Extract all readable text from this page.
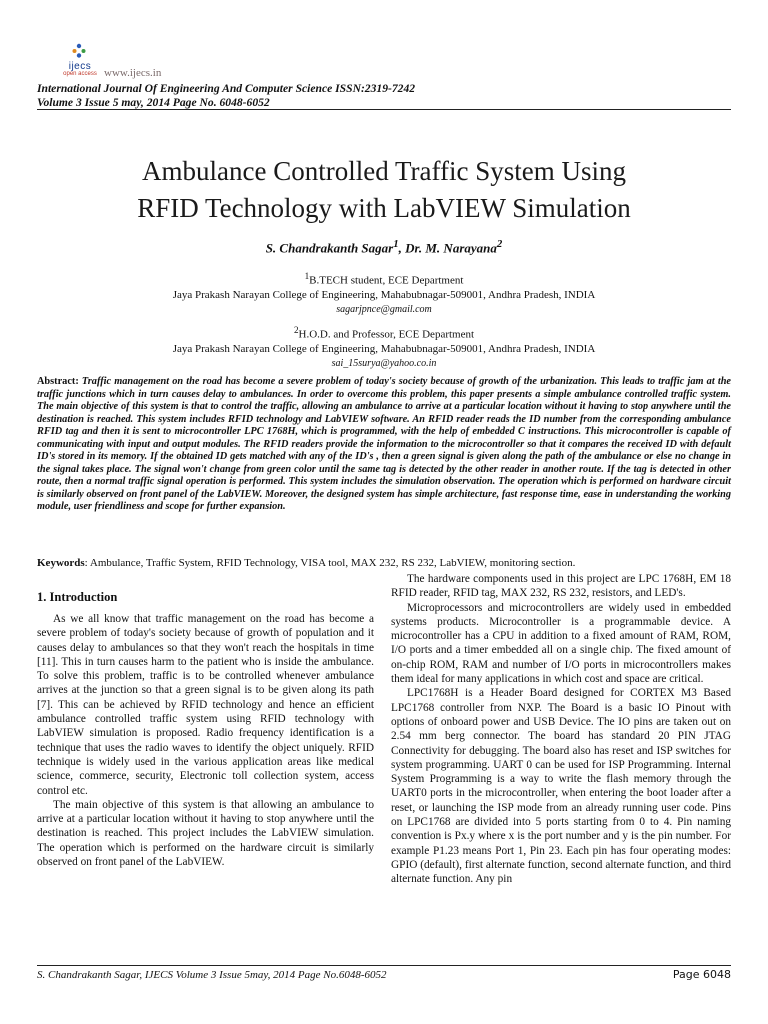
ijecs
open access www.ijecs.in
International Journal Of Engineering And Computer Science ISSN:2319-7242
Volume 3 Issue 5 may, 2014 Page No. 6048-6052
Ambulance Controlled Traffic System Using
RFID Technology with LabVIEW Simulation
S. Chandrakanth Sagar$^1$, Dr. M. Narayana$^2$
$^1$B.TECH student, ECE Department
Jaya Prakash Narayan College of Engineering, Mahabubnagar-509001, Andhra Pradesh, INDIA
sagarjpnce@gmail.com
$^2$H.O.D. and Professor, ECE Department
Jaya Prakash Narayan College of Engineering, Mahabubnagar-509001, Andhra Pradesh, INDIA
sai_15surya@yahoo.co.in
Abstract: Traffic management on the road has become a severe problem of today's society because of growth of the urbanization. This leads to traffic jam at the traffic junctions which in turn causes delay to ambulances. In order to overcome this problem, this paper presents a simple ambulance controlled traffic system. The main objective of this system is that to control the traffic, allowing an ambulance to arrive at a particular location without it having to stop anywhere until the destination is reached. This system includes RFID technology and LabVIEW software. An RFID reader reads the ID number from the corresponding ambulance RFID tag and then it is sent to microcontroller LPC 1768H, which is programmed, with the help of embedded C instructions. This microcontroller is capable of communicating with input and output modules. The RFID readers provide the information to the microcontroller so that it compares the received ID with default ID's stored in its memory. If the obtained ID gets matched with any of the ID's , then a green signal is given along the path of the ambulance or else no change in the signal takes place. The signal won't change from green color until the same tag is detected by the other reader in another route. If the tag is detected in other route, then a normal traffic signal operation is performed. This system includes the simulation observation. The operation which is performed on hardware circuit is similarly observed on front panel of the LabVIEW. Moreover, the designed system has simple architecture, fast response time, ease in understanding the working module, user friendliness and scope for further expansion.
Keywords: Ambulance, Traffic System, RFID Technology, VISA tool, MAX 232, RS 232, LabVIEW, monitoring section.
1. Introduction

As we all know that traffic management on the road has become a severe problem of today's society because of growth of population and it causes delay to ambulances so that they won't reach the hospitals in time [11]. This in turn causes harm to the patient who is inside the ambulance. To solve this problem, traffic is to be controlled whenever ambulance arrives at the junction so that a green signal is to be given along its path [7]. This can be achieved by RFID technology and hence an efficient ambulance controlled traffic system using RFID technology with LabVIEW simulation is proposed. Radio frequency identification is a technique that uses the radio waves to identify the object uniquely. RFID technique is widely used in the various application areas like medical science, commerce, security, Electronic toll collection system, access control etc.

The main objective of this system is that allowing an ambulance to arrive at a particular location without it having to stop anywhere until the destination is reached. This project includes the LabVIEW simulation. The operation which is performed on the hardware circuit is similarly observed on front panel of the LabVIEW.

The hardware components used in this project are LPC 1768H, EM 18 RFID reader, RFID tag, MAX 232, RS 232, resistors, and LED's.

Microprocessors and microcontrollers are widely used in embedded systems products. Microcontroller is a programmable device. A microcontroller has a CPU in addition to a fixed amount of RAM, ROM, I/O ports and a timer embedded all on a single chip. The fixed amount of on-chip ROM, RAM and number of I/O ports in microcontrollers makes them ideal for many applications in which cost and space are critical.

LPC1768H is a Header Board designed for CORTEX M3 Based LPC1768 controller from NXP. The Board is a basic IO Pinout with options of onboard power and USB Device. The IO pins are taken out on 2.54 mm berg connector. The board has standard 20 PIN JTAG Connectivity for debugging. The board also has reset and ISP switches for system programming. UART 0 can be used for ISP Programming. Internal System Programming is a way to write the flash memory through the UART0 ports in the microcontroller, when entering the boot loader after a reset, or launching the ISP mode from an already running user code. Pins on LPC1768 are divided into 5 ports starting from 0 to 4. Pin naming convention is Px.y where x is the port number and y is the pin number. For example P1.23 means Port 1, Pin 23. Each pin has four operating modes: GPIO (default), first alternate function, second alternate function, and third alternate function. Any pin

S. Chandrakanth Sagar, IJECS Volume 3 Issue 5may, 2014 Page No.6048-6052	Page 6048
